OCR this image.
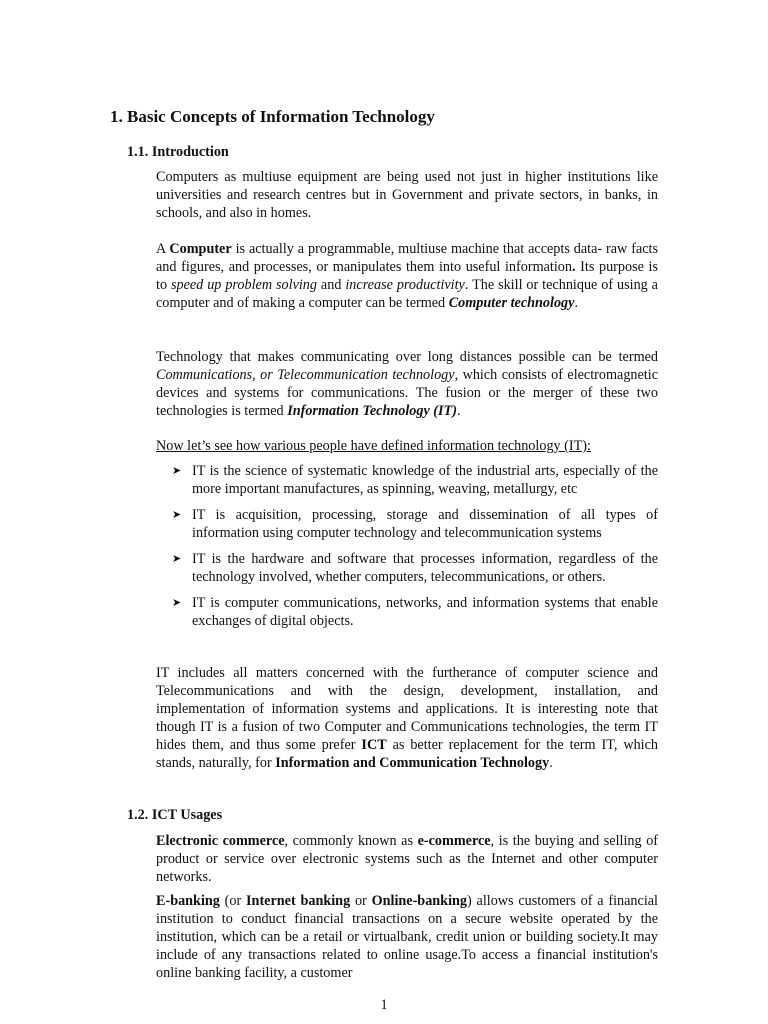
1. Basic Concepts of Information Technology

1.1. Introduction

Computers as multiuse equipment are being used not just in higher institutions like universities and research centres but in Government and private sectors, in banks, in schools, and also in homes.

A Computer is actually a programmable, multiuse machine that accepts data- raw facts and figures, and processes, or manipulates them into useful information. Its purpose is to speed up problem solving and increase productivity. The skill or technique of using a computer and of making a computer can be termed Computer technology.

Technology that makes communicating over long distances possible can be termed Communications, or Telecommunication technology, which consists of electromagnetic devices and systems for communications. The fusion or the merger of these two technologies is termed Information Technology (IT).

Now let’s see how various people have defined information technology (IT):

➤ IT is the science of systematic knowledge of the industrial arts, especially of the more important manufactures, as spinning, weaving, metallurgy, etc
➤ IT is acquisition, processing, storage and dissemination of all types of information using computer technology and telecommunication systems
➤ IT is the hardware and software that processes information, regardless of the technology involved, whether computers, telecommunications, or others.
➤ IT is computer communications, networks, and information systems that enable exchanges of digital objects.

IT includes all matters concerned with the furtherance of computer science and Telecommunications and with the design, development, installation, and implementation of information systems and applications. It is interesting note that though IT is a fusion of two Computer and Communications technologies, the term IT hides them, and thus some prefer ICT as better replacement for the term IT, which stands, naturally, for Information and Communication Technology.

1.2. ICT Usages

Electronic commerce, commonly known as e-commerce, is the buying and selling of product or service over electronic systems such as the Internet and other computer networks.

E-banking (or Internet banking or Online-banking) allows customers of a financial institution to conduct financial transactions on a secure website operated by the institution, which can be a retail or virtualbank, credit union or building society.It may include of any transactions related to online usage.To access a financial institution's online banking facility, a customer

1
